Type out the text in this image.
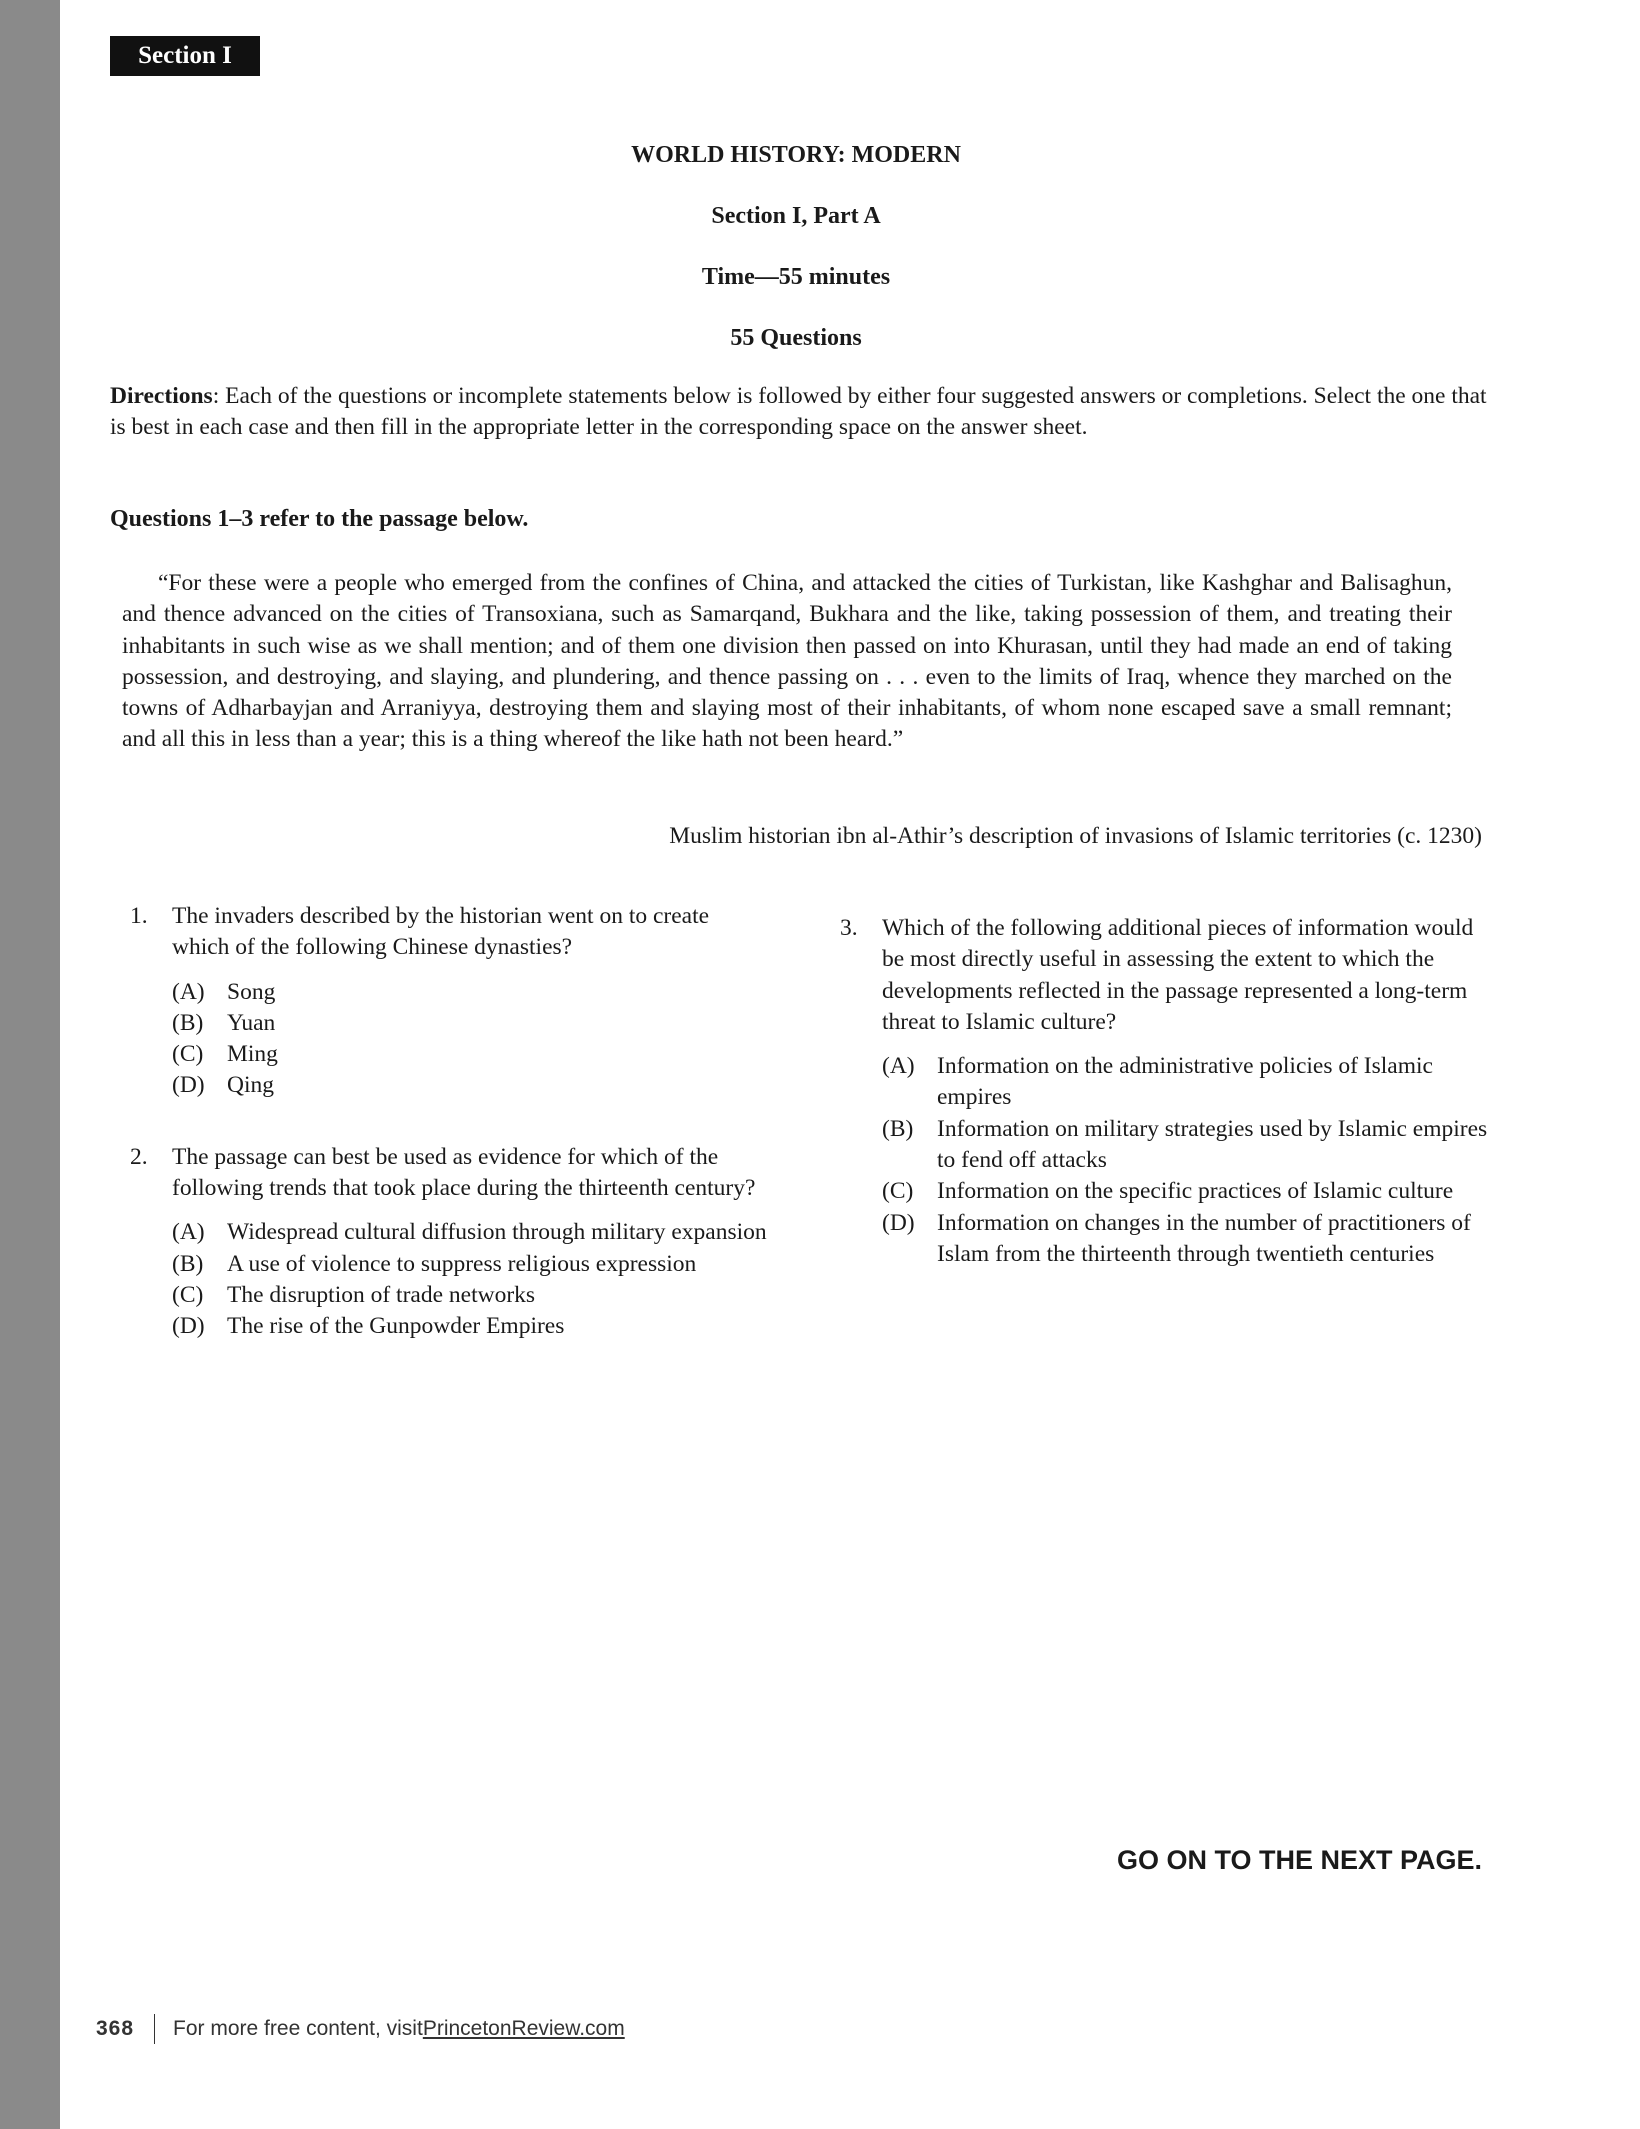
Section I
WORLD HISTORY: MODERN
Section I, Part A
Time—55 minutes
55 Questions
Directions: Each of the questions or incomplete statements below is followed by either four suggested answers or completions. Select the one that is best in each case and then fill in the appropriate letter in the corresponding space on the answer sheet.
Questions 1–3 refer to the passage below.
“For these were a people who emerged from the confines of China, and attacked the cities of Turkistan, like Kashghar and Balisaghun, and thence advanced on the cities of Transoxiana, such as Samarqand, Bukhara and the like, taking possession of them, and treating their inhabitants in such wise as we shall mention; and of them one division then passed on into Khurasan, until they had made an end of taking possession, and destroying, and slaying, and plundering, and thence passing on . . . even to the limits of Iraq, whence they marched on the towns of Adharbayjan and Arraniyya, destroying them and slaying most of their inhabitants, of whom none escaped save a small remnant; and all this in less than a year; this is a thing whereof the like hath not been heard.”
Muslim historian ibn al-Athir’s description of invasions of Islamic territories (c. 1230)
1. The invaders described by the historian went on to create which of the following Chinese dynasties?
(A) Song
(B) Yuan
(C) Ming
(D) Qing
2. The passage can best be used as evidence for which of the following trends that took place during the thirteenth century?
(A) Widespread cultural diffusion through military expansion
(B) A use of violence to suppress religious expression
(C) The disruption of trade networks
(D) The rise of the Gunpowder Empires
3. Which of the following additional pieces of information would be most directly useful in assessing the extent to which the developments reflected in the passage represented a long-term threat to Islamic culture?
(A) Information on the administrative policies of Islamic empires
(B) Information on military strategies used by Islamic empires to fend off attacks
(C) Information on the specific practices of Islamic culture
(D) Information on changes in the number of practitioners of Islam from the thirteenth through twentieth centuries
GO ON TO THE NEXT PAGE.
368 For more free content, visit PrincetonReview.com
